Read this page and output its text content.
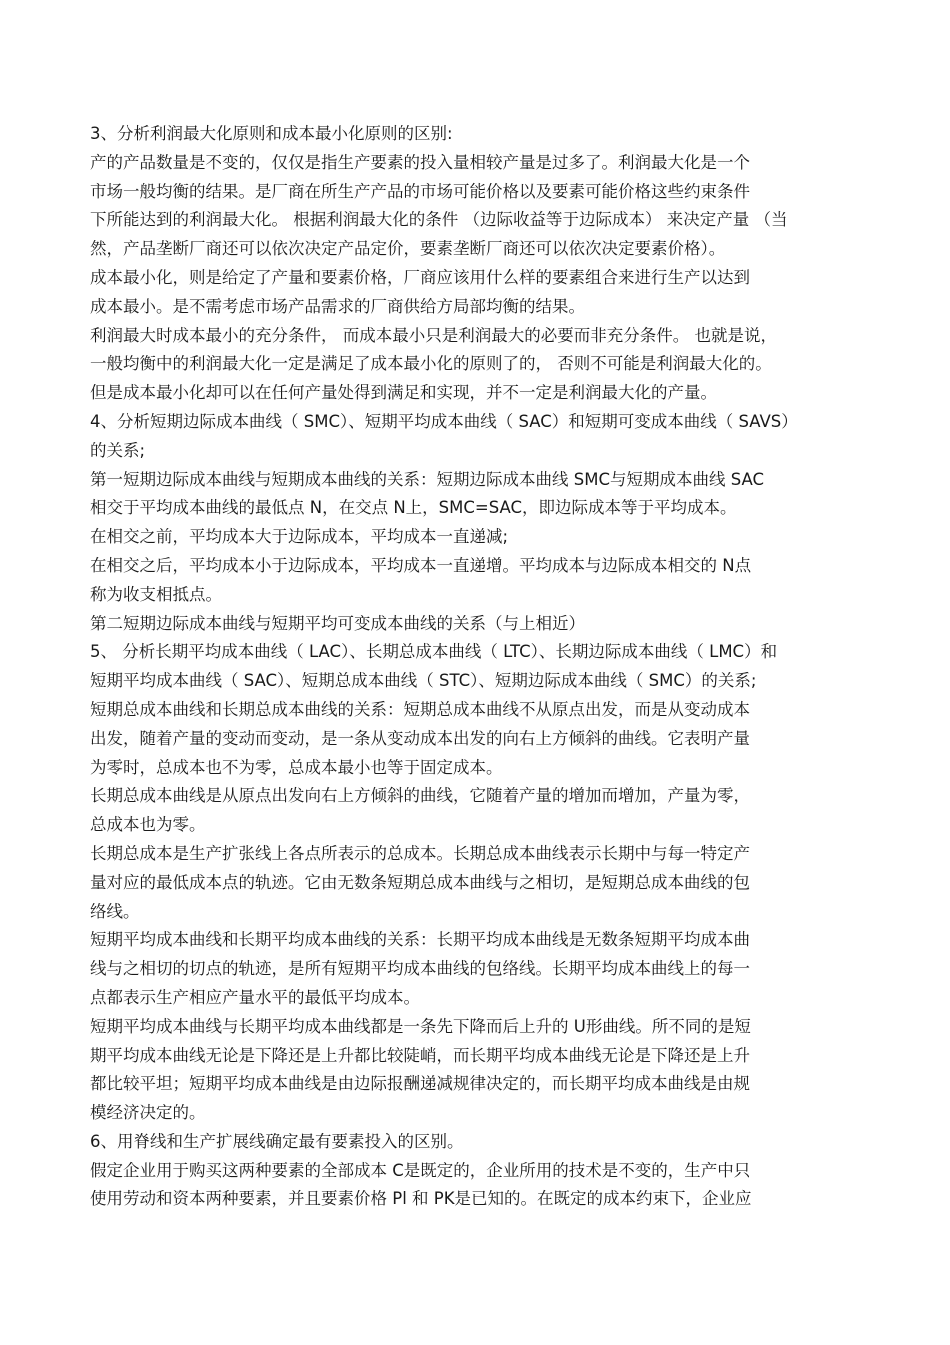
3、分析利润最大化原则和成本最小化原则的区别:
产的产品数量是不变的，仅仅是指生产要素的投入量相较产量是过多了。利润最大化是一个
市场一般均衡的结果。是厂商在所生产产品的市场可能价格以及要素可能价格这些约束条件
下所能达到的利润最大化。 根据利润最大化的条件 （边际收益等于边际成本） 来决定产量 （当
然，产品垄断厂商还可以依次决定产品定价，要素垄断厂商还可以依次决定要素价格）。
成本最小化，则是给定了产量和要素价格，厂商应该用什么样的要素组合来进行生产以达到
成本最小。是不需考虑市场产品需求的厂商供给方局部均衡的结果。
利润最大时成本最小的充分条件， 而成本最小只是利润最大的必要而非充分条件。 也就是说，
一般均衡中的利润最大化一定是满足了成本最小化的原则了的， 否则不可能是利润最大化的。
但是成本最小化却可以在任何产量处得到满足和实现，并不一定是利润最大化的产量。
4、分析短期边际成本曲线（ SMC）、短期平均成本曲线（ SAC）和短期可变成本曲线（ SAVS）
的关系;
第一短期边际成本曲线与短期成本曲线的关系：短期边际成本曲线 SMC与短期成本曲线 SAC
相交于平均成本曲线的最低点 N，在交点 N上，SMC=SAC，即边际成本等于平均成本。
在相交之前，平均成本大于边际成本，平均成本一直递减;
在相交之后，平均成本小于边际成本，平均成本一直递增。平均成本与边际成本相交的 N点
称为收支相抵点。
第二短期边际成本曲线与短期平均可变成本曲线的关系（与上相近）
5、 分析长期平均成本曲线（ LAC）、长期总成本曲线（ LTC）、长期边际成本曲线（ LMC）和
短期平均成本曲线（ SAC）、短期总成本曲线（ STC）、短期边际成本曲线（ SMC）的关系;
短期总成本曲线和长期总成本曲线的关系：短期总成本曲线不从原点出发，而是从变动成本
出发，随着产量的变动而变动，是一条从变动成本出发的向右上方倾斜的曲线。它表明产量
为零时，总成本也不为零，总成本最小也等于固定成本。
长期总成本曲线是从原点出发向右上方倾斜的曲线，它随着产量的增加而增加，产量为零，
总成本也为零。
长期总成本是生产扩张线上各点所表示的总成本。长期总成本曲线表示长期中与每一特定产
量对应的最低成本点的轨迹。它由无数条短期总成本曲线与之相切，是短期总成本曲线的包
络线。
短期平均成本曲线和长期平均成本曲线的关系：长期平均成本曲线是无数条短期平均成本曲
线与之相切的切点的轨迹，是所有短期平均成本曲线的包络线。长期平均成本曲线上的每一
点都表示生产相应产量水平的最低平均成本。
短期平均成本曲线与长期平均成本曲线都是一条先下降而后上升的 U形曲线。所不同的是短
期平均成本曲线无论是下降还是上升都比较陡峭，而长期平均成本曲线无论是下降还是上升
都比较平坦；短期平均成本曲线是由边际报酬递减规律决定的，而长期平均成本曲线是由规
模经济决定的。
6、用脊线和生产扩展线确定最有要素投入的区别。
假定企业用于购买这两种要素的全部成本 C是既定的，企业所用的技术是不变的，生产中只
使用劳动和资本两种要素，并且要素价格 Pl 和 PK是已知的。在既定的成本约束下，企业应
